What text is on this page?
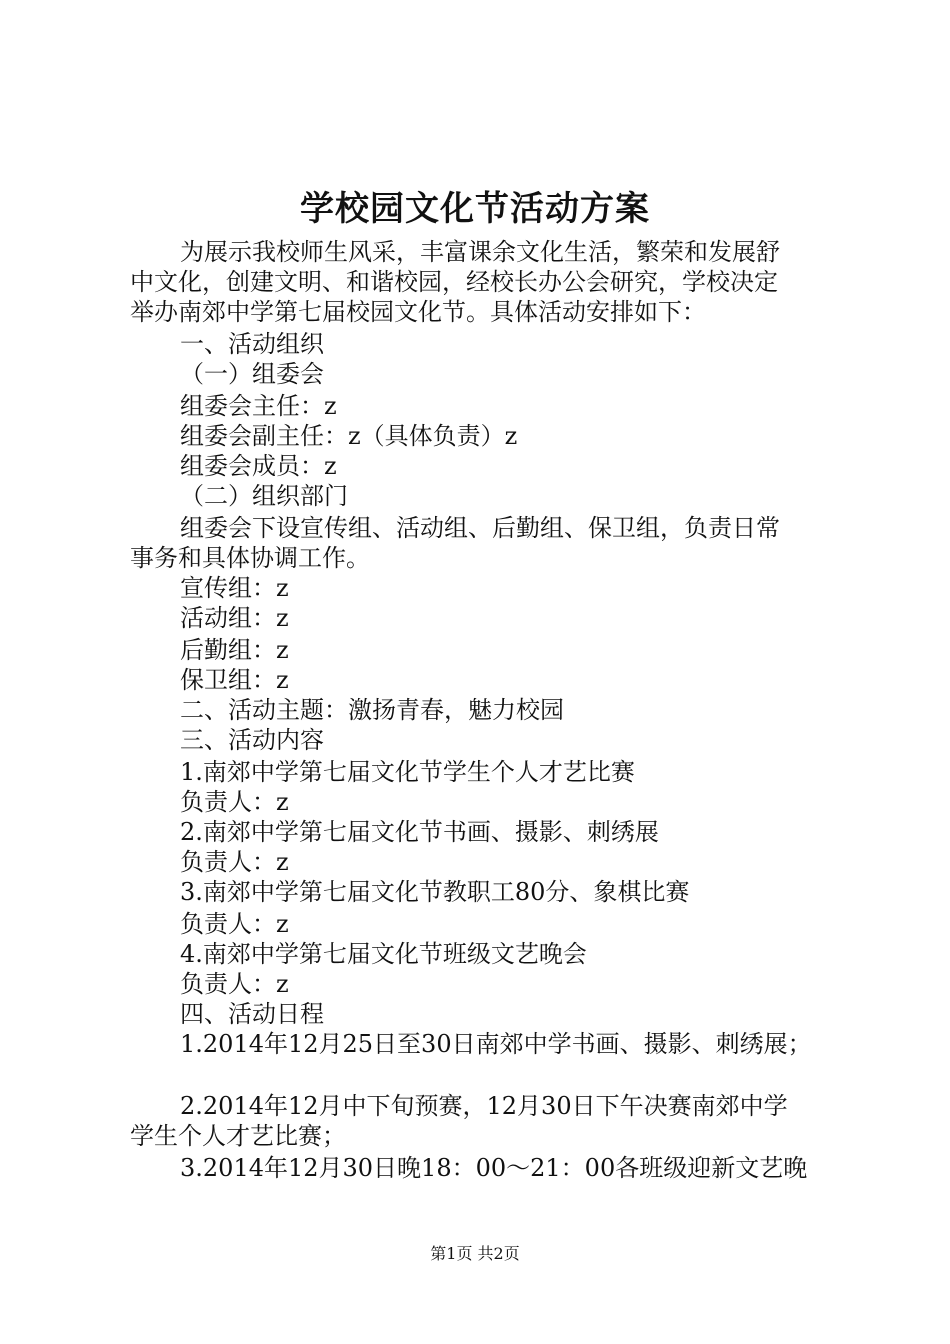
学校园文化节活动方案
为展示我校师生风采，丰富课余文化生活，繁荣和发展舒
中文化，创建文明、和谐校园，经校长办公会研究，学校决定
举办南郊中学第七届校园文化节。具体活动安排如下：
一、活动组织
（一）组委会
组委会主任：z
组委会副主任：z（具体负责）z
组委会成员：z
（二）组织部门
组委会下设宣传组、活动组、后勤组、保卫组，负责日常
事务和具体协调工作。
宣传组：z
活动组：z
后勤组：z
保卫组：z
二、活动主题：激扬青春，魅力校园
三、活动内容
1.南郊中学第七届文化节学生个人才艺比赛
负责人：z
2.南郊中学第七届文化节书画、摄影、刺绣展
负责人：z
3.南郊中学第七届文化节教职工80分、象棋比赛
负责人：z
4.南郊中学第七届文化节班级文艺晚会
负责人：z
四、活动日程
1.2014年12月25日至30日南郊中学书画、摄影、刺绣展；
2.2014年12月中下旬预赛，12月30日下午决赛南郊中学
学生个人才艺比赛；
3.2014年12月30日晚18：00～21：00各班级迎新文艺晚
第1页 共2页
